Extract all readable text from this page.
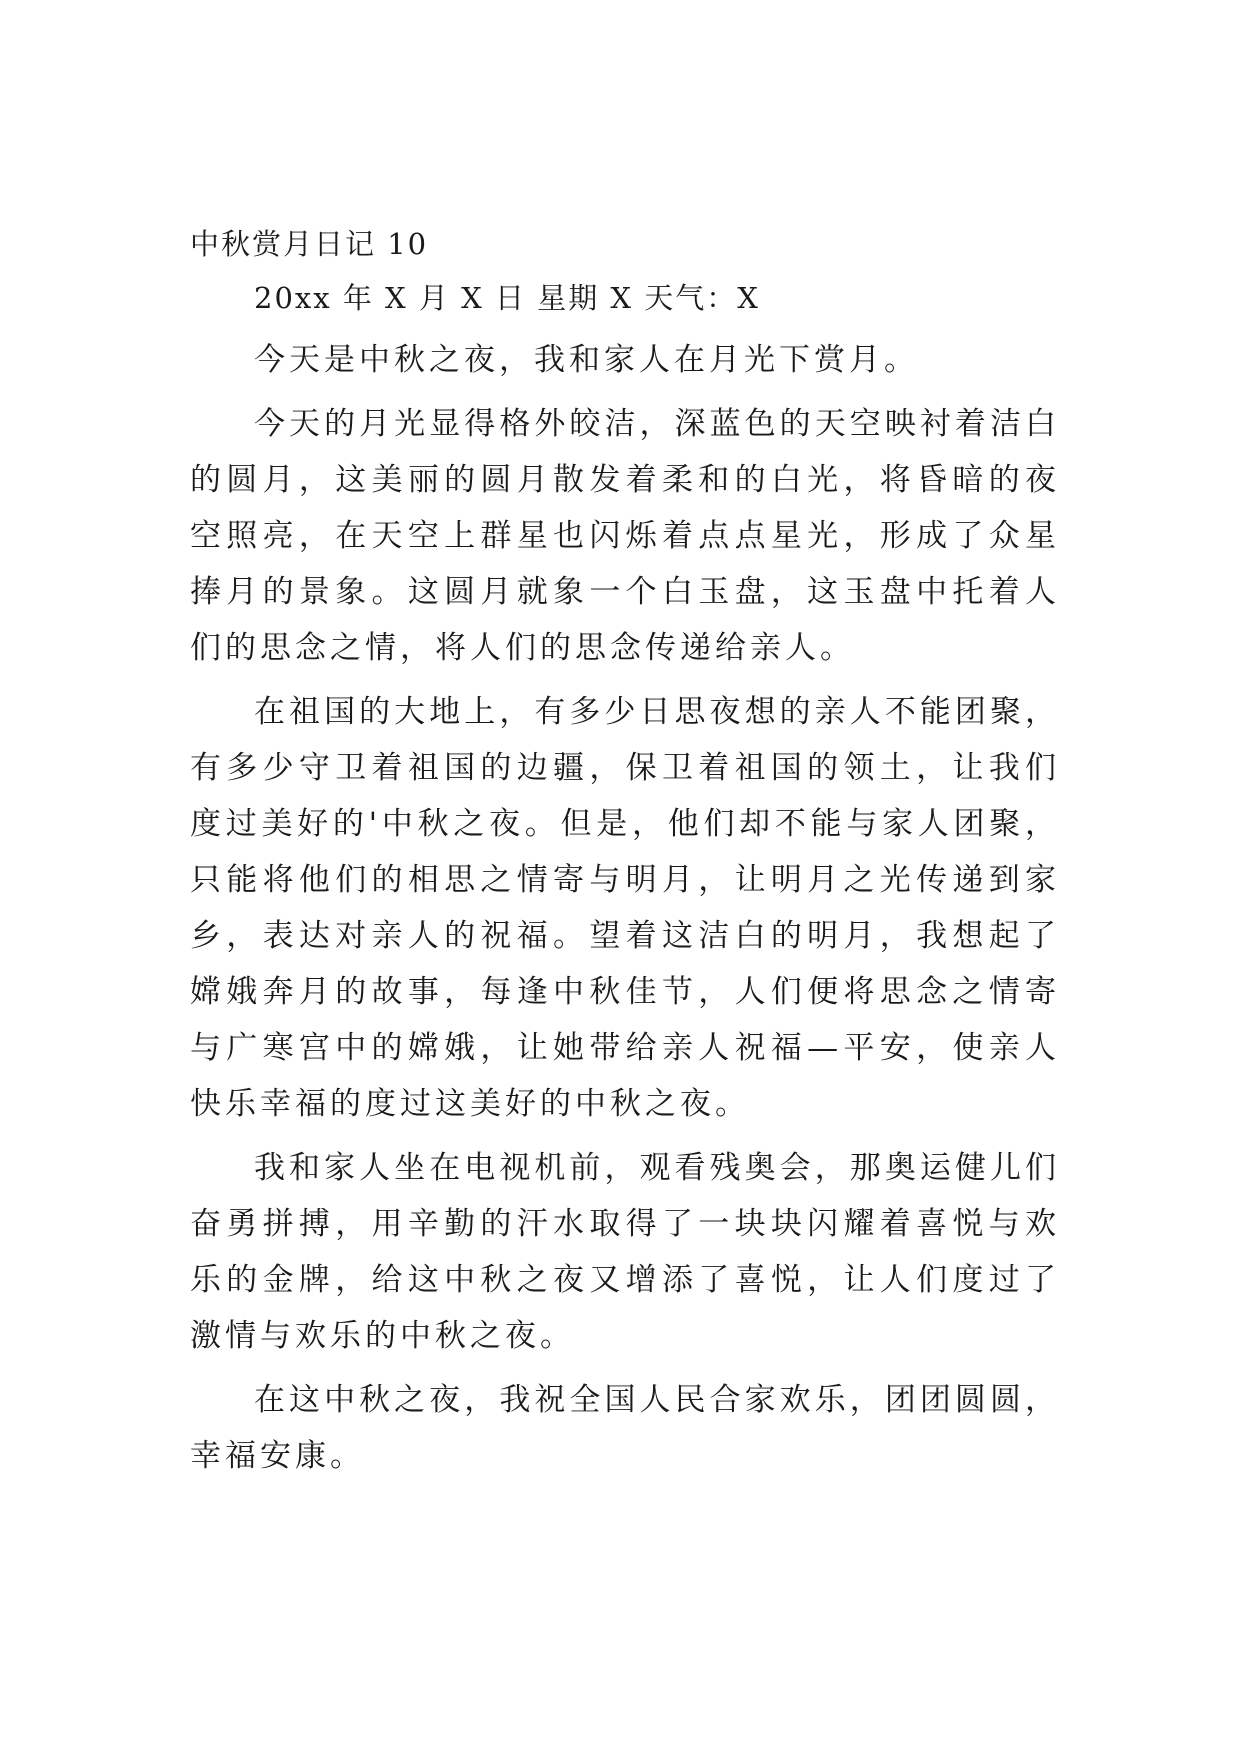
中秋赏月日记 10
20xx 年 X 月 X 日 星期 X 天气：X

今天是中秋之夜，我和家人在月光下赏月。

今天的月光显得格外皎洁，深蓝色的天空映衬着洁白的圆月，这美丽的圆月散发着柔和的白光，将昏暗的夜空照亮，在天空上群星也闪烁着点点星光，形成了众星捧月的景象。这圆月就象一个白玉盘，这玉盘中托着人们的思念之情，将人们的思念传递给亲人。

在祖国的大地上，有多少日思夜想的亲人不能团聚，有多少守卫着祖国的边疆，保卫着祖国的领土，让我们度过美好的'中秋之夜。但是，他们却不能与家人团聚，只能将他们的相思之情寄与明月，让明月之光传递到家乡，表达对亲人的祝福。望着这洁白的明月，我想起了嫦娥奔月的故事，每逢中秋佳节，人们便将思念之情寄与广寒宫中的嫦娥，让她带给亲人祝福—平安，使亲人快乐幸福的度过这美好的中秋之夜。

我和家人坐在电视机前，观看残奥会，那奥运健儿们奋勇拼搏，用辛勤的汗水取得了一块块闪耀着喜悦与欢乐的金牌，给这中秋之夜又增添了喜悦，让人们度过了激情与欢乐的中秋之夜。

在这中秋之夜，我祝全国人民合家欢乐，团团圆圆，幸福安康。
